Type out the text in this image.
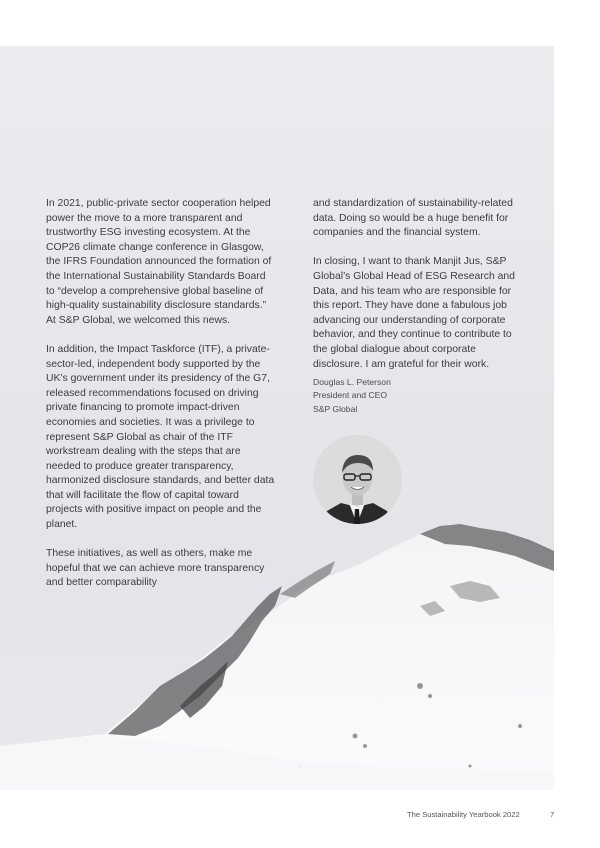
In 2021, public-private sector cooperation helped power the move to a more transparent and trustworthy ESG investing ecosystem. At the COP26 climate change conference in Glasgow, the IFRS Foundation announced the formation of the International Sustainability Standards Board to “develop a comprehensive global baseline of high-quality sustainability disclosure standards.” At S&P Global, we welcomed this news.

In addition, the Impact Taskforce (ITF), a private-sector-led, independent body supported by the UK’s government under its presidency of the G7, released recommendations focused on driving private financing to promote impact-driven economies and societies. It was a privilege to represent S&P Global as chair of the ITF workstream dealing with the steps that are needed to produce greater transparency, harmonized disclosure standards, and better data that will facilitate the flow of capital toward projects with positive impact on people and the planet.

These initiatives, as well as others, make me hopeful that we can achieve more transparency and better comparability

and standardization of sustainability-related data. Doing so would be a huge benefit for companies and the financial system.

In closing, I want to thank Manjit Jus, S&P Global’s Global Head of ESG Research and Data, and his team who are responsible for this report. They have done a fabulous job advancing our understanding of corporate behavior, and they continue to contribute to the global dialogue about corporate disclosure. I am grateful for their work.

Douglas L. Peterson
President and CEO
S&P Global
The Sustainability Yearbook 2022	7
